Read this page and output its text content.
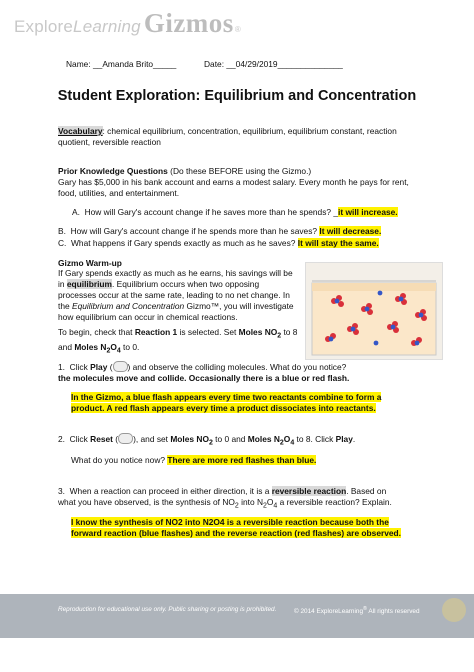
Explore Learning Gizmos ®
Name: __Amanda Brito_____	Date: __04/29/2019______________
Student Exploration: Equilibrium and Concentration
Vocabulary: chemical equilibrium, concentration, equilibrium, equilibrium constant, reaction quotient, reversible reaction
Prior Knowledge Questions (Do these BEFORE using the Gizmo.)
Gary has $5,000 in his bank account and earns a modest salary. Every month he pays for rent, food, utilities, and entertainment.
A. How will Gary's account change if he saves more than he spends? _it will increase.
B. How will Gary's account change if he spends more than he saves? It will decrease.
C. What happens if Gary spends exactly as much as he saves? It will stay the same.
Gizmo Warm-up
If Gary spends exactly as much as he earns, his savings will be in equilibrium. Equilibrium occurs when two opposing processes occur at the same rate, leading to no net change. In the Equilibrium and Concentration Gizmo™, you will investigate how equilibrium can occur in chemical reactions.
To begin, check that Reaction 1 is selected. Set Moles $NO_2$ to 8 and Moles $N_2O_4$ to 0.
1. Click Play ( ) and observe the colliding molecules. What do you notice?
the molecules move and collide. Occasionally there is a blue or red flash.
In the Gizmo, a blue flash appears every time two reactants combine to form a product. A red flash appears every time a product dissociates into reactants.
2. Click Reset ( ), and set Moles $NO_2$ to 0 and Moles $N_2O_4$ to 8. Click Play.
What do you notice now? There are more red flashes than blue.
3. When a reaction can proceed in either direction, it is a reversible reaction. Based on what you have observed, is the synthesis of $NO_2$ into $N_2O_4$ a reversible reaction? Explain.
I know the synthesis of NO2 into N2O4 is a reversible reaction because both the forward reaction (blue flashes) and the reverse reaction (red flashes) are observed.
Reproduction for educational use only. Public sharing or posting is prohibited.	© 2014 ExploreLearning® All rights reserved
